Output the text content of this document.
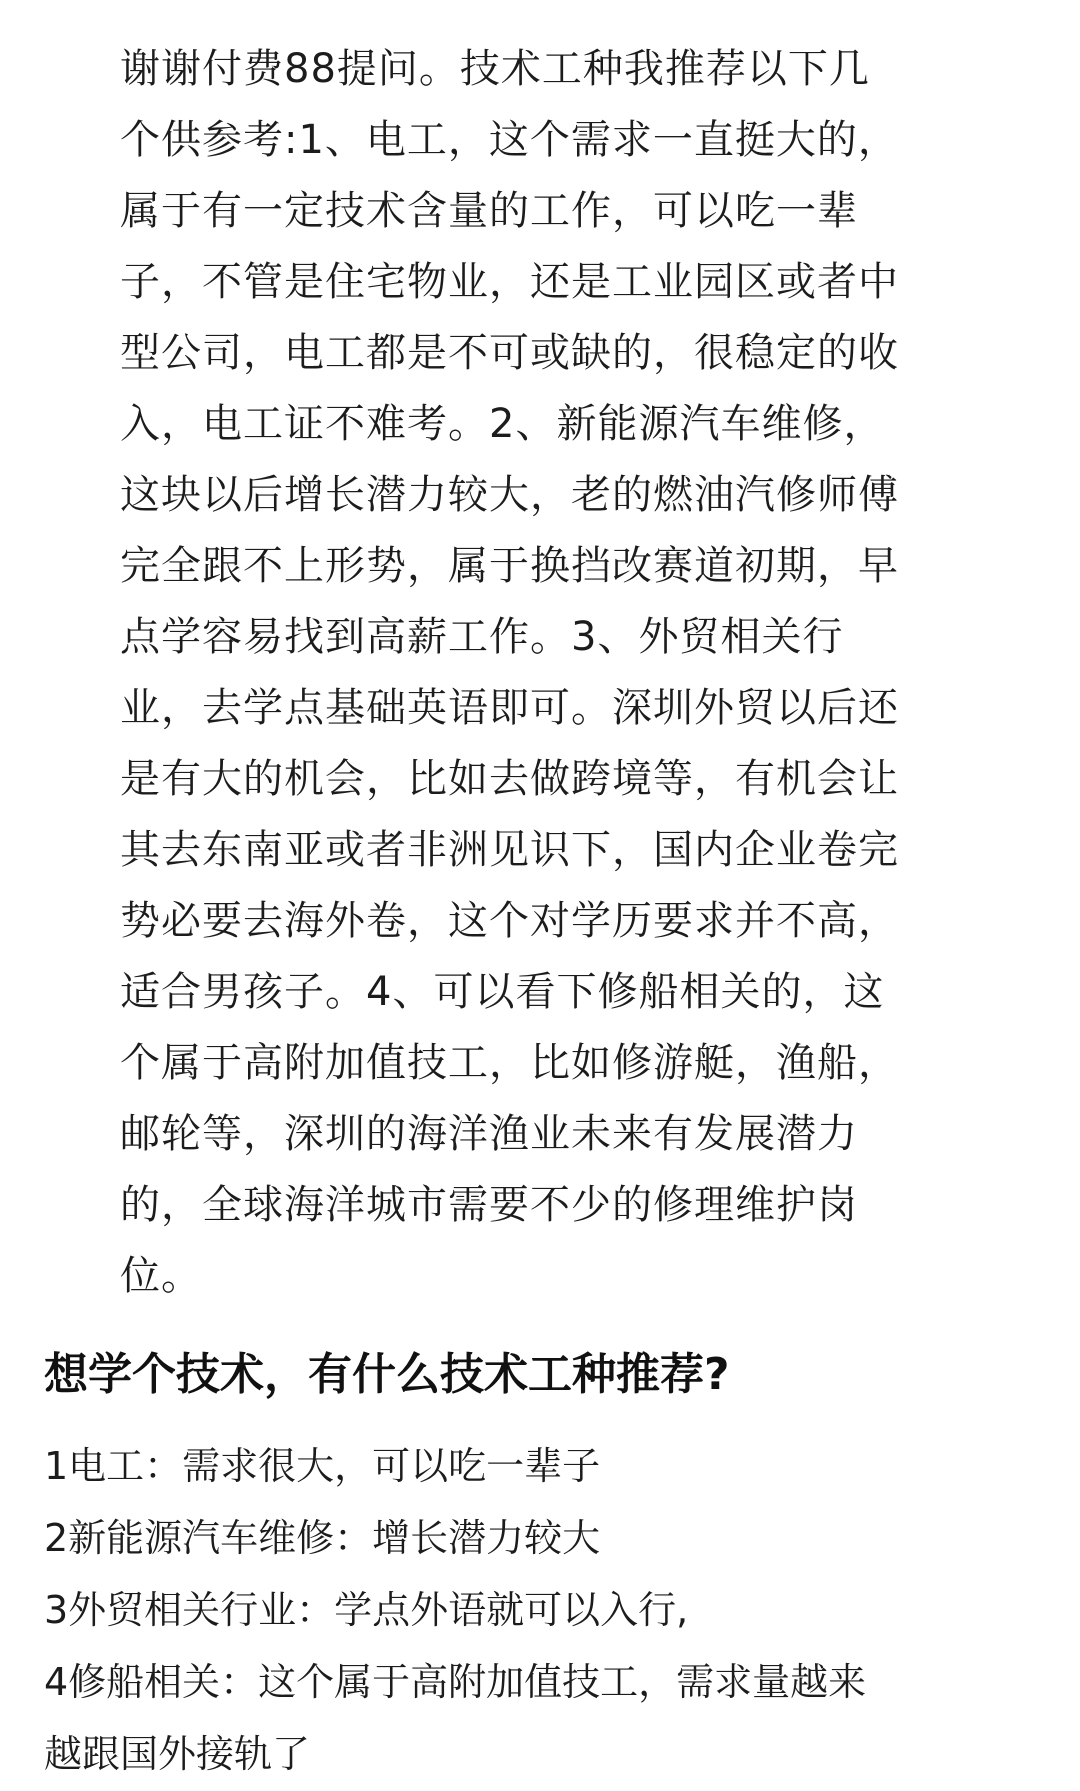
谢谢付费88提问。技术工种我推荐以下几
个供参考:1、电工，这个需求一直挺大的，
属于有一定技术含量的工作，可以吃一辈
子，不管是住宅物业，还是工业园区或者中
型公司，电工都是不可或缺的，很稳定的收
入，电工证不难考。2、新能源汽车维修，
这块以后增长潜力较大，老的燃油汽修师傅
完全跟不上形势，属于换挡改赛道初期，早
点学容易找到高薪工作。3、外贸相关行
业，去学点基础英语即可。深圳外贸以后还
是有大的机会，比如去做跨境等，有机会让
其去东南亚或者非洲见识下，国内企业卷完
势必要去海外卷，这个对学历要求并不高，
适合男孩子。4、可以看下修船相关的，这
个属于高附加值技工，比如修游艇，渔船，
邮轮等，深圳的海洋渔业未来有发展潜力
的，全球海洋城市需要不少的修理维护岗
位。
想学个技术，有什么技术工种推荐?
1电工：需求很大，可以吃一辈子
2新能源汽车维修：增长潜力较大
3外贸相关行业：学点外语就可以入行,
4修船相关：这个属于高附加值技工，需求量越来
越跟国外接轨了
